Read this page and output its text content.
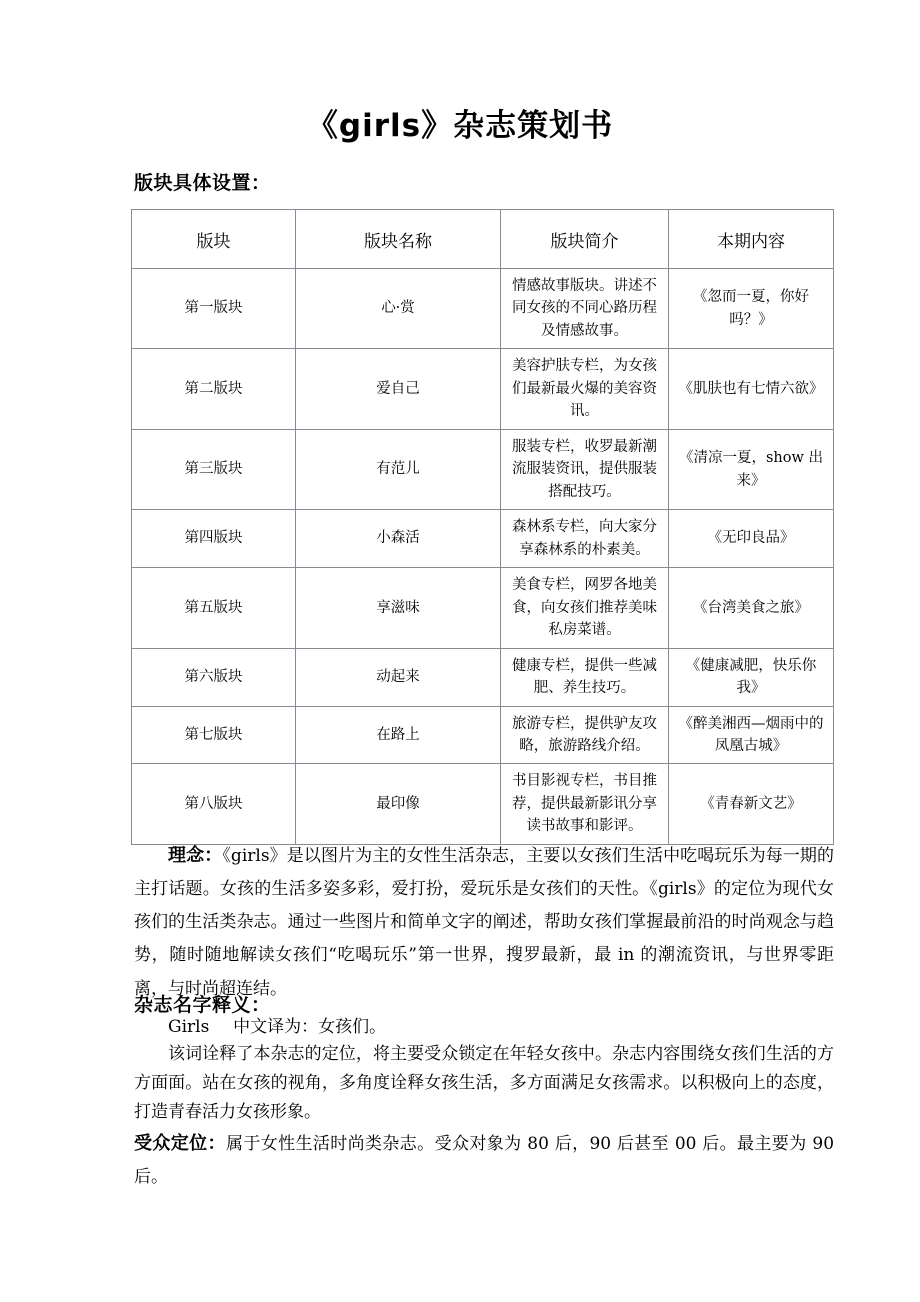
《girls》杂志策划书
版块具体设置：
版块	版块名称	版块简介	本期内容
第一版块	心·赏	情感故事版块。讲述不同女孩的不同心路历程及情感故事。	《忽而一夏，你好吗？》
第二版块	爱自己	美容护肤专栏，为女孩们最新最火爆的美容资讯。	《肌肤也有七情六欲》
第三版块	有范儿	服装专栏，收罗最新潮流服装资讯，提供服装搭配技巧。	《清凉一夏，show 出来》
第四版块	小森活	森林系专栏，向大家分享森林系的朴素美。	《无印良品》
第五版块	享滋味	美食专栏，网罗各地美食，向女孩们推荐美味私房菜谱。	《台湾美食之旅》
第六版块	动起来	健康专栏，提供一些减肥、养生技巧。	《健康减肥，快乐你我》
第七版块	在路上	旅游专栏，提供驴友攻略，旅游路线介绍。	《醉美湘西—烟雨中的凤凰古城》
第八版块	最印像	书目影视专栏，书目推荐，提供最新影讯分享读书故事和影评。	《青春新文艺》
理念：《girls》是以图片为主的女性生活杂志，主要以女孩们生活中吃喝玩乐为每一期的主打话题。女孩的生活多姿多彩，爱打扮，爱玩乐是女孩们的天性。《girls》的定位为现代女孩们的生活类杂志。通过一些图片和简单文字的阐述，帮助女孩们掌握最前沿的时尚观念与趋势，随时随地解读女孩们“吃喝玩乐”第一世界，搜罗最新，最 in 的潮流资讯，与世界零距离，与时尚超连结。
杂志名字释义：
Girls 中文译为：女孩们。
该词诠释了本杂志的定位，将主要受众锁定在年轻女孩中。杂志内容围绕女孩们生活的方方面面。站在女孩的视角，多角度诠释女孩生活，多方面满足女孩需求。以积极向上的态度，打造青春活力女孩形象。
受众定位：属于女性生活时尚类杂志。受众对象为 80 后，90 后甚至 00 后。最主要为 90 后。
